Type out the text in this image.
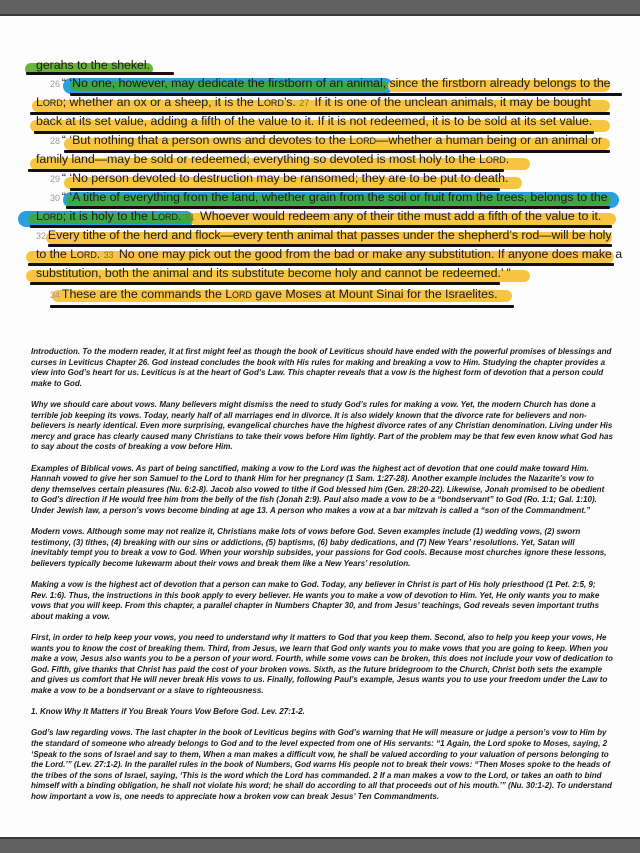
gerahs to the shekel.
26 “ ‘No one, however, may dedicate the firstborn of an animal, since the firstborn already belongs to the
Lord; whether an ox or a sheep, it is the Lord’s. 27 If it is one of the unclean animals, it may be bought
back at its set value, adding a fifth of the value to it. If it is not redeemed, it is to be sold at its set value.
28 “ ‘But nothing that a person owns and devotes to the Lord—whether a human being or an animal or
family land—may be sold or redeemed; everything so devoted is most holy to the Lord.
29 “ ‘No person devoted to destruction may be ransomed; they are to be put to death.
30 “ ‘A tithe of everything from the land, whether grain from the soil or fruit from the trees, belongs to the
Lord; it is holy to the Lord. 31 Whoever would redeem any of their tithe must add a fifth of the value to it.
32 Every tithe of the herd and flock—every tenth animal that passes under the shepherd’s rod—will be holy
to the Lord. 33 No one may pick out the good from the bad or make any substitution. If anyone does make a
substitution, both the animal and its substitute become holy and cannot be redeemed.’ ”
34 These are the commands the Lord gave Moses at Mount Sinai for the Israelites.

Introduction. To the modern reader, it at first might feel as though the book of Leviticus should have ended with the powerful promises of blessings and curses in Leviticus Chapter 26. God instead concludes the book with His rules for making and breaking a vow to Him. Studying the chapter provides a view into God’s heart for us. Leviticus is at the heart of God’s Law. This chapter reveals that a vow is the highest form of devotion that a person could make to God.

Why we should care about vows. Many believers might dismiss the need to study God’s rules for making a vow. Yet, the modern Church has done a terrible job keeping its vows. Today, nearly half of all marriages end in divorce. It is also widely known that the divorce rate for believers and non-believers is nearly identical. Even more surprising, evangelical churches have the highest divorce rates of any Christian denomination. Living under His mercy and grace has clearly caused many Christians to take their vows before Him lightly. Part of the problem may be that few even know what God has to say about the costs of breaking a vow before Him.

Examples of Biblical vows. As part of being sanctified, making a vow to the Lord was the highest act of devotion that one could make toward Him. Hannah vowed to give her son Samuel to the Lord to thank Him for her pregnancy (1 Sam. 1:27-28). Another example includes the Nazarite’s vow to deny themselves certain pleasures (Nu. 6:2-8). Jacob also vowed to tithe if God blessed him (Gen. 28:20-22). Likewise, Jonah promised to be obedient to God’s direction if He would free him from the belly of the fish (Jonah 2:9). Paul also made a vow to be a “bondservant” to God (Ro. 1:1; Gal. 1:10). Under Jewish law, a person’s vows become binding at age 13. A person who makes a vow at a bar mitzvah is called a “son of the Commandment.”

Modern vows. Although some may not realize it, Christians make lots of vows before God. Seven examples include (1) wedding vows, (2) sworn testimony, (3) tithes, (4) breaking with our sins or addictions, (5) baptisms, (6) baby dedications, and (7) New Years’ resolutions. Yet, Satan will inevitably tempt you to break a vow to God. When your worship subsides, your passions for God cools. Because most churches ignore these lessons, believers typically become lukewarm about their vows and break them like a New Years’ resolution.

Making a vow is the highest act of devotion that a person can make to God. Today, any believer in Christ is part of His holy priesthood (1 Pet. 2:5, 9; Rev. 1:6). Thus, the instructions in this book apply to every believer. He wants you to make a vow of devotion to Him. Yet, He only wants you to make vows that you will keep. From this chapter, a parallel chapter in Numbers Chapter 30, and from Jesus’ teachings, God reveals seven important truths about making a vow.

First, in order to help keep your vows, you need to understand why it matters to God that you keep them. Second, also to help you keep your vows, He wants you to know the cost of breaking them. Third, from Jesus, we learn that God only wants you to make vows that you are going to keep. When you make a vow, Jesus also wants you to be a person of your word. Fourth, while some vows can be broken, this does not include your vow of dedication to God. Fifth, give thanks that Christ has paid the cost of your broken vows. Sixth, as the future bridegroom to the Church, Christ both sets the example and gives us comfort that He will never break His vows to us. Finally, following Paul’s example, Jesus wants you to use your freedom under the Law to make a vow to be a bondservant or a slave to righteousness.

1. Know Why It Matters if You Break Yours Vow Before God. Lev. 27:1-2.

God’s law regarding vows. The last chapter in the book of Leviticus begins with God’s warning that He will measure or judge a person’s vow to Him by the standard of someone who already belongs to God and to the level expected from one of His servants: “1 Again, the Lord spoke to Moses, saying, 2 ‘Speak to the sons of Israel and say to them, When a man makes a difficult vow, he shall be valued according to your valuation of persons belonging to the Lord.’” (Lev. 27:1-2). In the parallel rules in the book of Numbers, God warns His people not to break their vows: “Then Moses spoke to the heads of the tribes of the sons of Israel, saying, ‘This is the word which the Lord has commanded. 2 If a man makes a vow to the Lord, or takes an oath to bind himself with a binding obligation, he shall not violate his word; he shall do according to all that proceeds out of his mouth.’” (Nu. 30:1-2). To understand how important a vow is, one needs to appreciate how a broken vow can break Jesus’ Ten Commandments.
